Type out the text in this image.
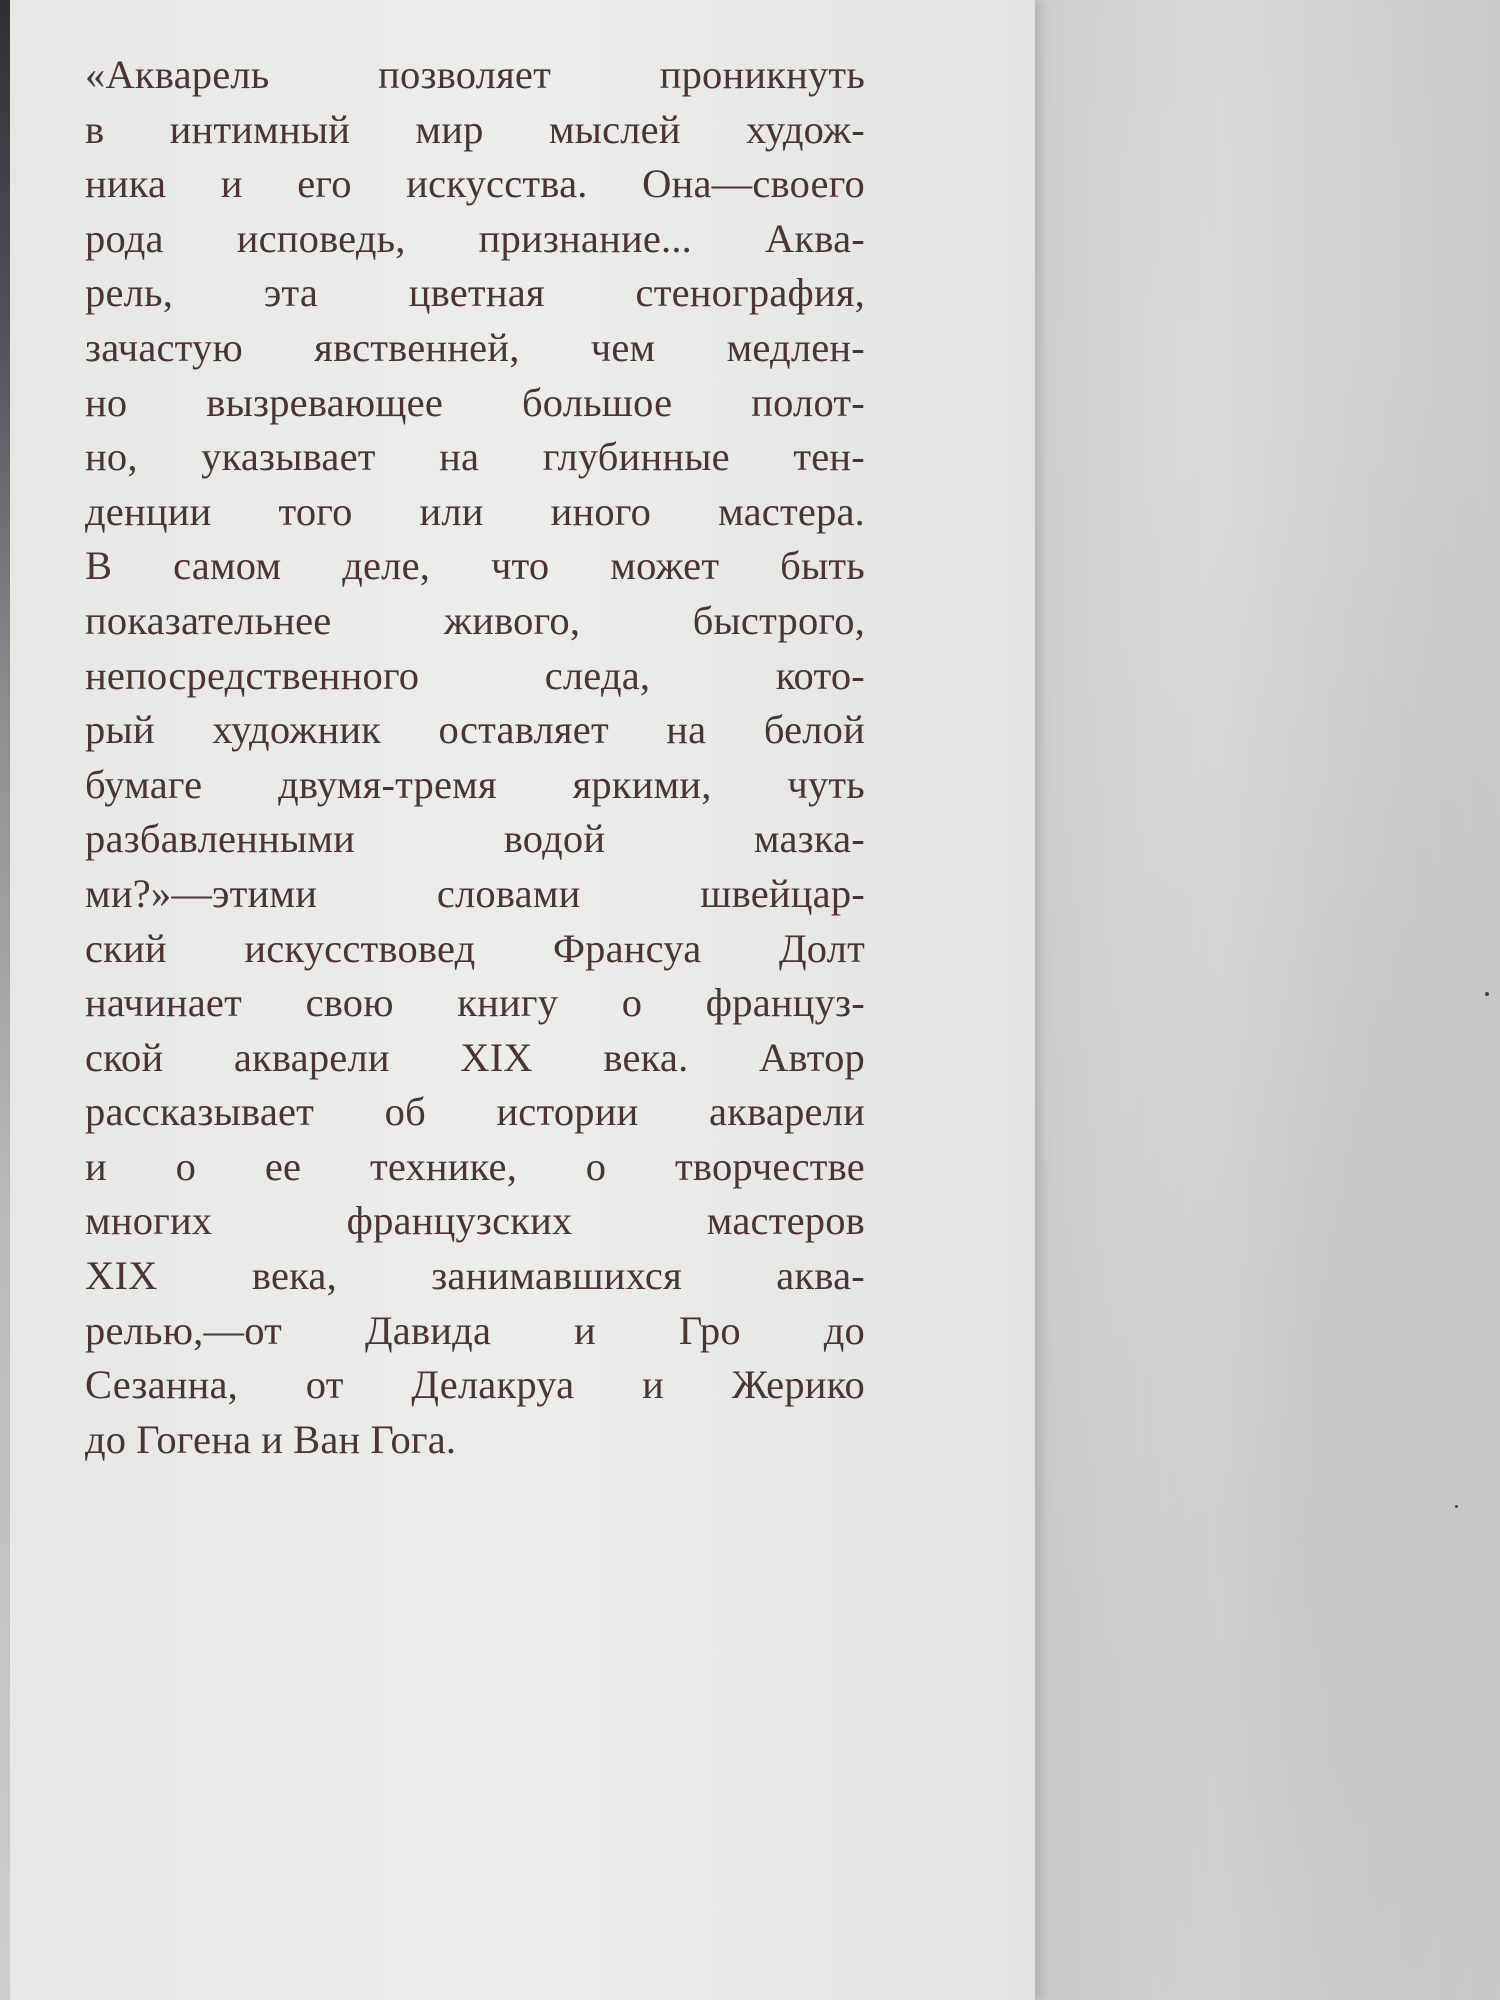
«Акварель	позволяет	проникнуть
в интимный мир мыслей худож-
ника и его искусства. Она—своего
рода исповедь, признание... Аква-
рель, эта цветная стенография,
зачастую явственней, чем медлен-
но вызревающее большое полот-
но, указывает на глубинные тен-
денции того или иного мастера.
В самом деле, что может быть
показательнее	живого,	быстрого,
непосредственного	следа,	кото-
рый художник оставляет на белой
бумаге двумя-тремя яркими, чуть
разбавленными	водой	мазка-
ми?»—этими	словами	швейцар-
ский искусствовед Франсуа Долт
начинает свою книгу о француз-
ской акварели XIX века. Автор
рассказывает об истории акварели
и о ее технике, о творчестве
многих	французских	мастеров
XIX века, занимавшихся аква-
релью,—от Давида и Гро до
Сезанна, от Делакруа и Жерико
до Гогена и Ван Гога.
